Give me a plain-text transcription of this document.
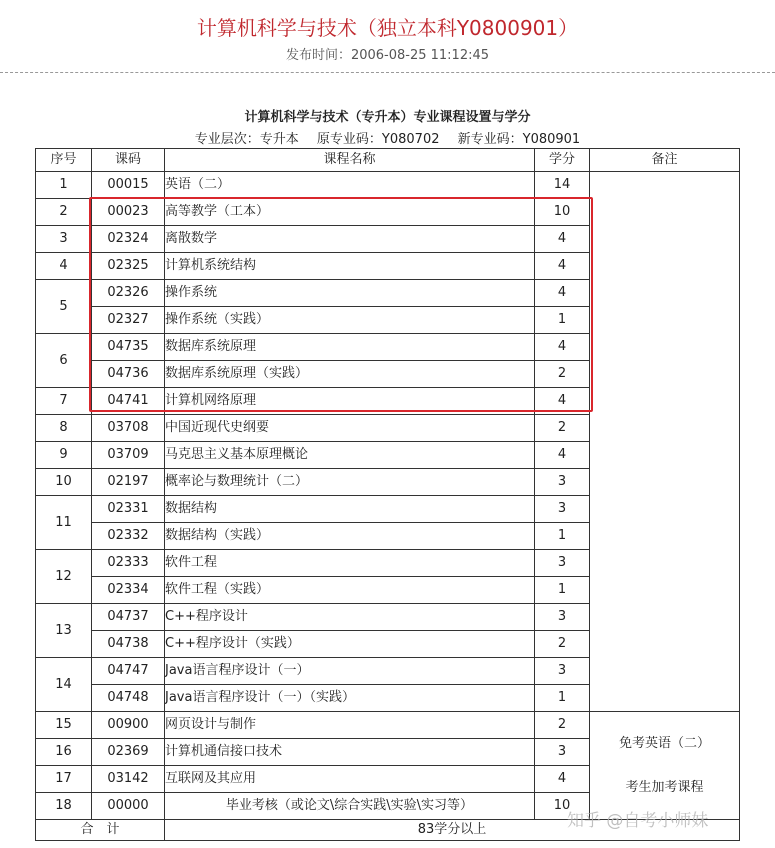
计算机科学与技术（独立本科Y0800901）
发布时间：2006-08-25 11:12:45
计算机科学与技术（专升本）专业课程设置与学分
专业层次：专升本 原专业码：Y080702 新专业码：Y080901
序号	课码	课程名称	学分	备注
1	00015	英语（二）	14	
2	00023	高等教学（工本）	10	
3	02324	离散数学	4	
4	02325	计算机系统结构	4	
5	02326	操作系统	4	
	02327	操作系统（实践）	1	
6	04735	数据库系统原理	4	
	04736	数据库系统原理（实践）	2	
7	04741	计算机网络原理	4	
8	03708	中国近现代史纲要	2	
9	03709	马克思主义基本原理概论	4	
10	02197	概率论与数理统计（二）	3	
11	02331	数据结构	3	
	02332	数据结构（实践）	1	
12	02333	软件工程	3	
	02334	软件工程（实践）	1	
13	04737	C++程序设计	3	
	04738	C++程序设计（实践）	2	
14	04747	Java语言程序设计（一）	3	
	04748	Java语言程序设计（一）（实践）	1	
15	00900	网页设计与制作	2	免考英语（二）
考生加考课程

16	02369	计算机通信接口技术	3	
17	03142	互联网及其应用	4	
18	00000	毕业考核（或论文\综合实践\实验\实习等）	10	
合　计		83学分以上			知乎 @自考小师妹
